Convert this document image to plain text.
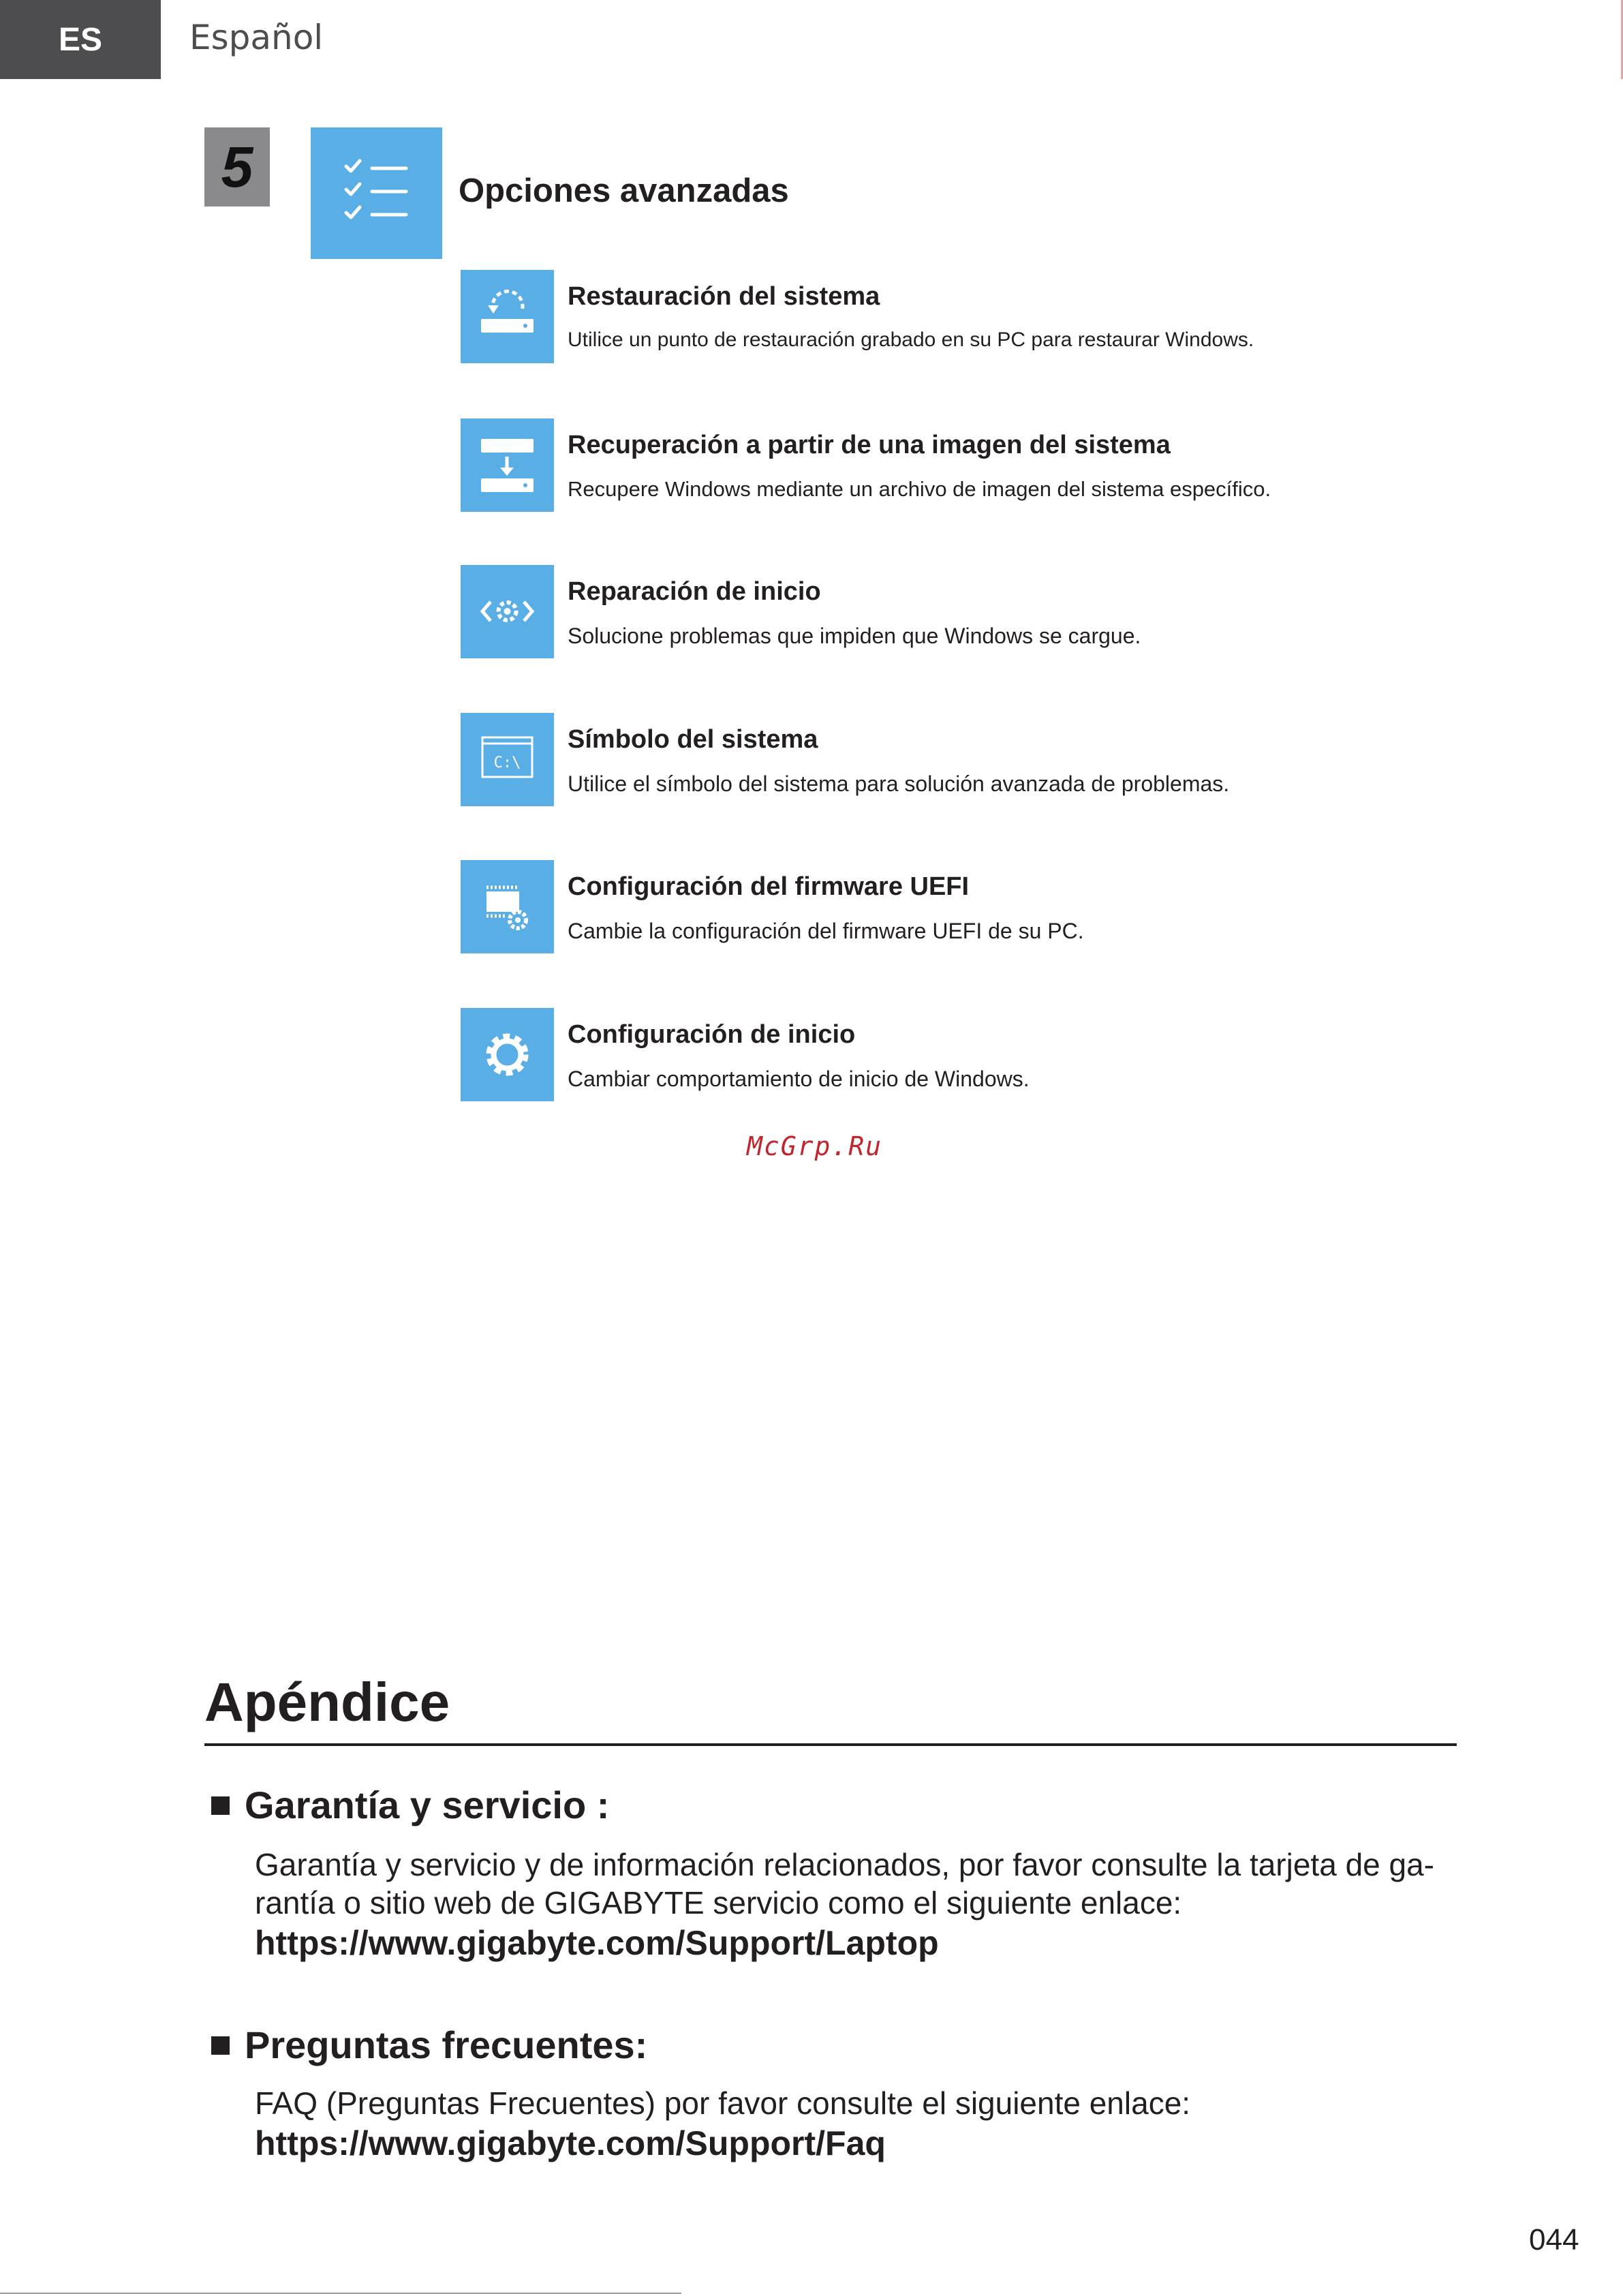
ES	Español
5	Opciones avanzadas
Restauración del sistema
Utilice un punto de restauración grabado en su PC para restaurar Windows.
Recuperación a partir de una imagen del sistema
Recupere Windows mediante un archivo de imagen del sistema específico.
Reparación de inicio
Solucione problemas que impiden que Windows se cargue.
C:\
Símbolo del sistema
Utilice el símbolo del sistema para solución avanzada de problemas.
Configuración del firmware UEFI
Cambie la configuración del firmware UEFI de su PC.
Configuración de inicio
Cambiar comportamiento de inicio de Windows.
McGrp.Ru
Apéndice
Garantía y servicio :
Garantía y servicio y de información relacionados, por favor consulte la tarjeta de ga-
rantía o sitio web de GIGABYTE servicio como el siguiente enlace:
https://www.gigabyte.com/Support/Laptop
Preguntas frecuentes:
FAQ (Preguntas Frecuentes) por favor consulte el siguiente enlace:
https://www.gigabyte.com/Support/Faq
044
